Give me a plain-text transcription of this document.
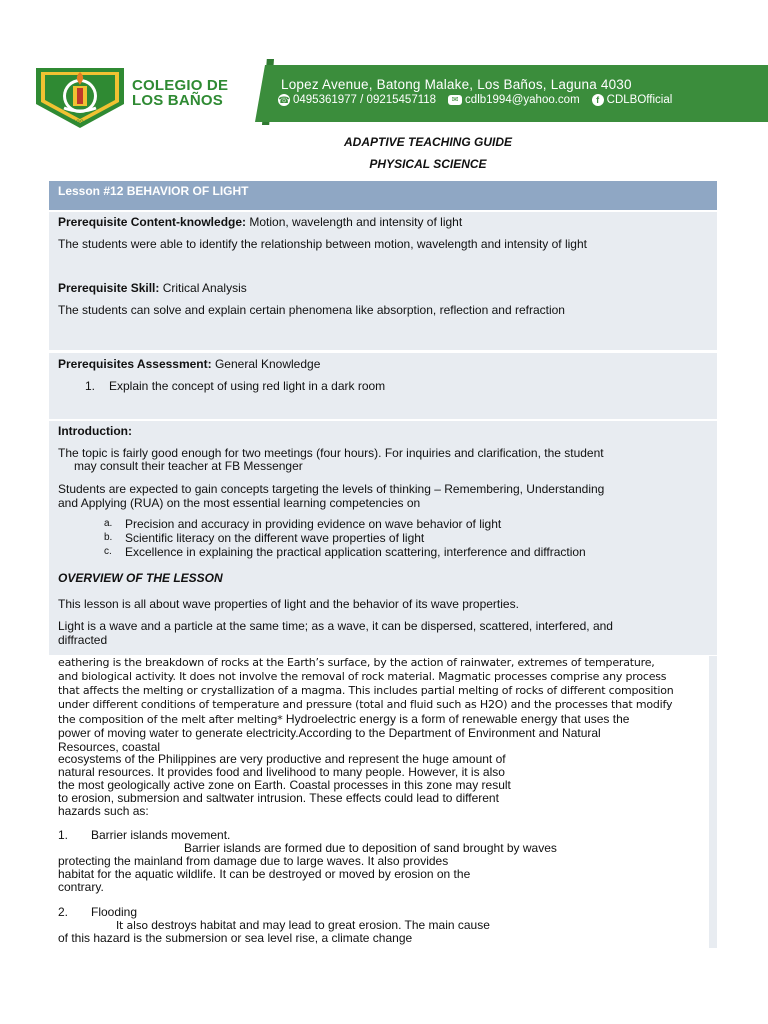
1994
COLEGIO DE
LOS BAÑOS
Lopez Avenue, Batong Malake, Los Baños, Laguna 4030
☎ 0495361977 / 09215457118	✉ cdlb1994@yahoo.com	f CDLBOfficial
ADAPTIVE TEACHING GUIDE
PHYSICAL SCIENCE
Lesson #12 BEHAVIOR OF LIGHT
Prerequisite Content-knowledge: Motion, wavelength and intensity of light
The students were able to identify the relationship between motion, wavelength and intensity of light
Prerequisite Skill: Critical Analysis
The students can solve and explain certain phenomena like absorption, reflection and refraction
Prerequisites Assessment: General Knowledge
1. Explain the concept of using red light in a dark room
Introduction:
The topic is fairly good enough for two meetings (four hours). For inquiries and clarification, the student
may consult their teacher at FB Messenger
Students are expected to gain concepts targeting the levels of thinking – Remembering, Understanding
and Applying (RUA) on the most essential learning competencies on
a. Precision and accuracy in providing evidence on wave behavior of light
b. Scientific literacy on the different wave properties of light
c. Excellence in explaining the practical application scattering, interference and diffraction
OVERVIEW OF THE LESSON
This lesson is all about wave properties of light and the behavior of its wave properties.
Light is a wave and a particle at the same time; as a wave, it can be dispersed, scattered, interfered, and
diffracted
eathering is the breakdown of rocks at the Earth’s surface, by the action of rainwater, extremes of temperature,
and biological activity. It does not involve the removal of rock material. Magmatic processes comprise any process
that affects the melting or crystallization of a magma. This includes partial melting of rocks of different composition
under different conditions of temperature and pressure (total and fluid such as H2O) and the processes that modify
the composition of the melt after melting* Hydroelectric energy is a form of renewable energy that uses the
power of moving water to generate electricity.According to the Department of Environment and Natural
Resources, coastal
ecosystems of the Philippines are very productive and represent the huge amount of
natural resources. It provides food and livelihood to many people. However, it is also
the most geologically active zone on Earth. Coastal processes in this zone may result
to erosion, submersion and saltwater intrusion. These effects could lead to different
hazards such as:
1. Barrier islands movement.
Barrier islands are formed due to deposition of sand brought by waves
protecting the mainland from damage due to large waves. It also provides
habitat for the aquatic wildlife. It can be destroyed or moved by erosion on the
contrary.
2. Flooding
It also destroys habitat and may lead to great erosion. The main cause
of this hazard is the submersion or sea level rise, a climate change
